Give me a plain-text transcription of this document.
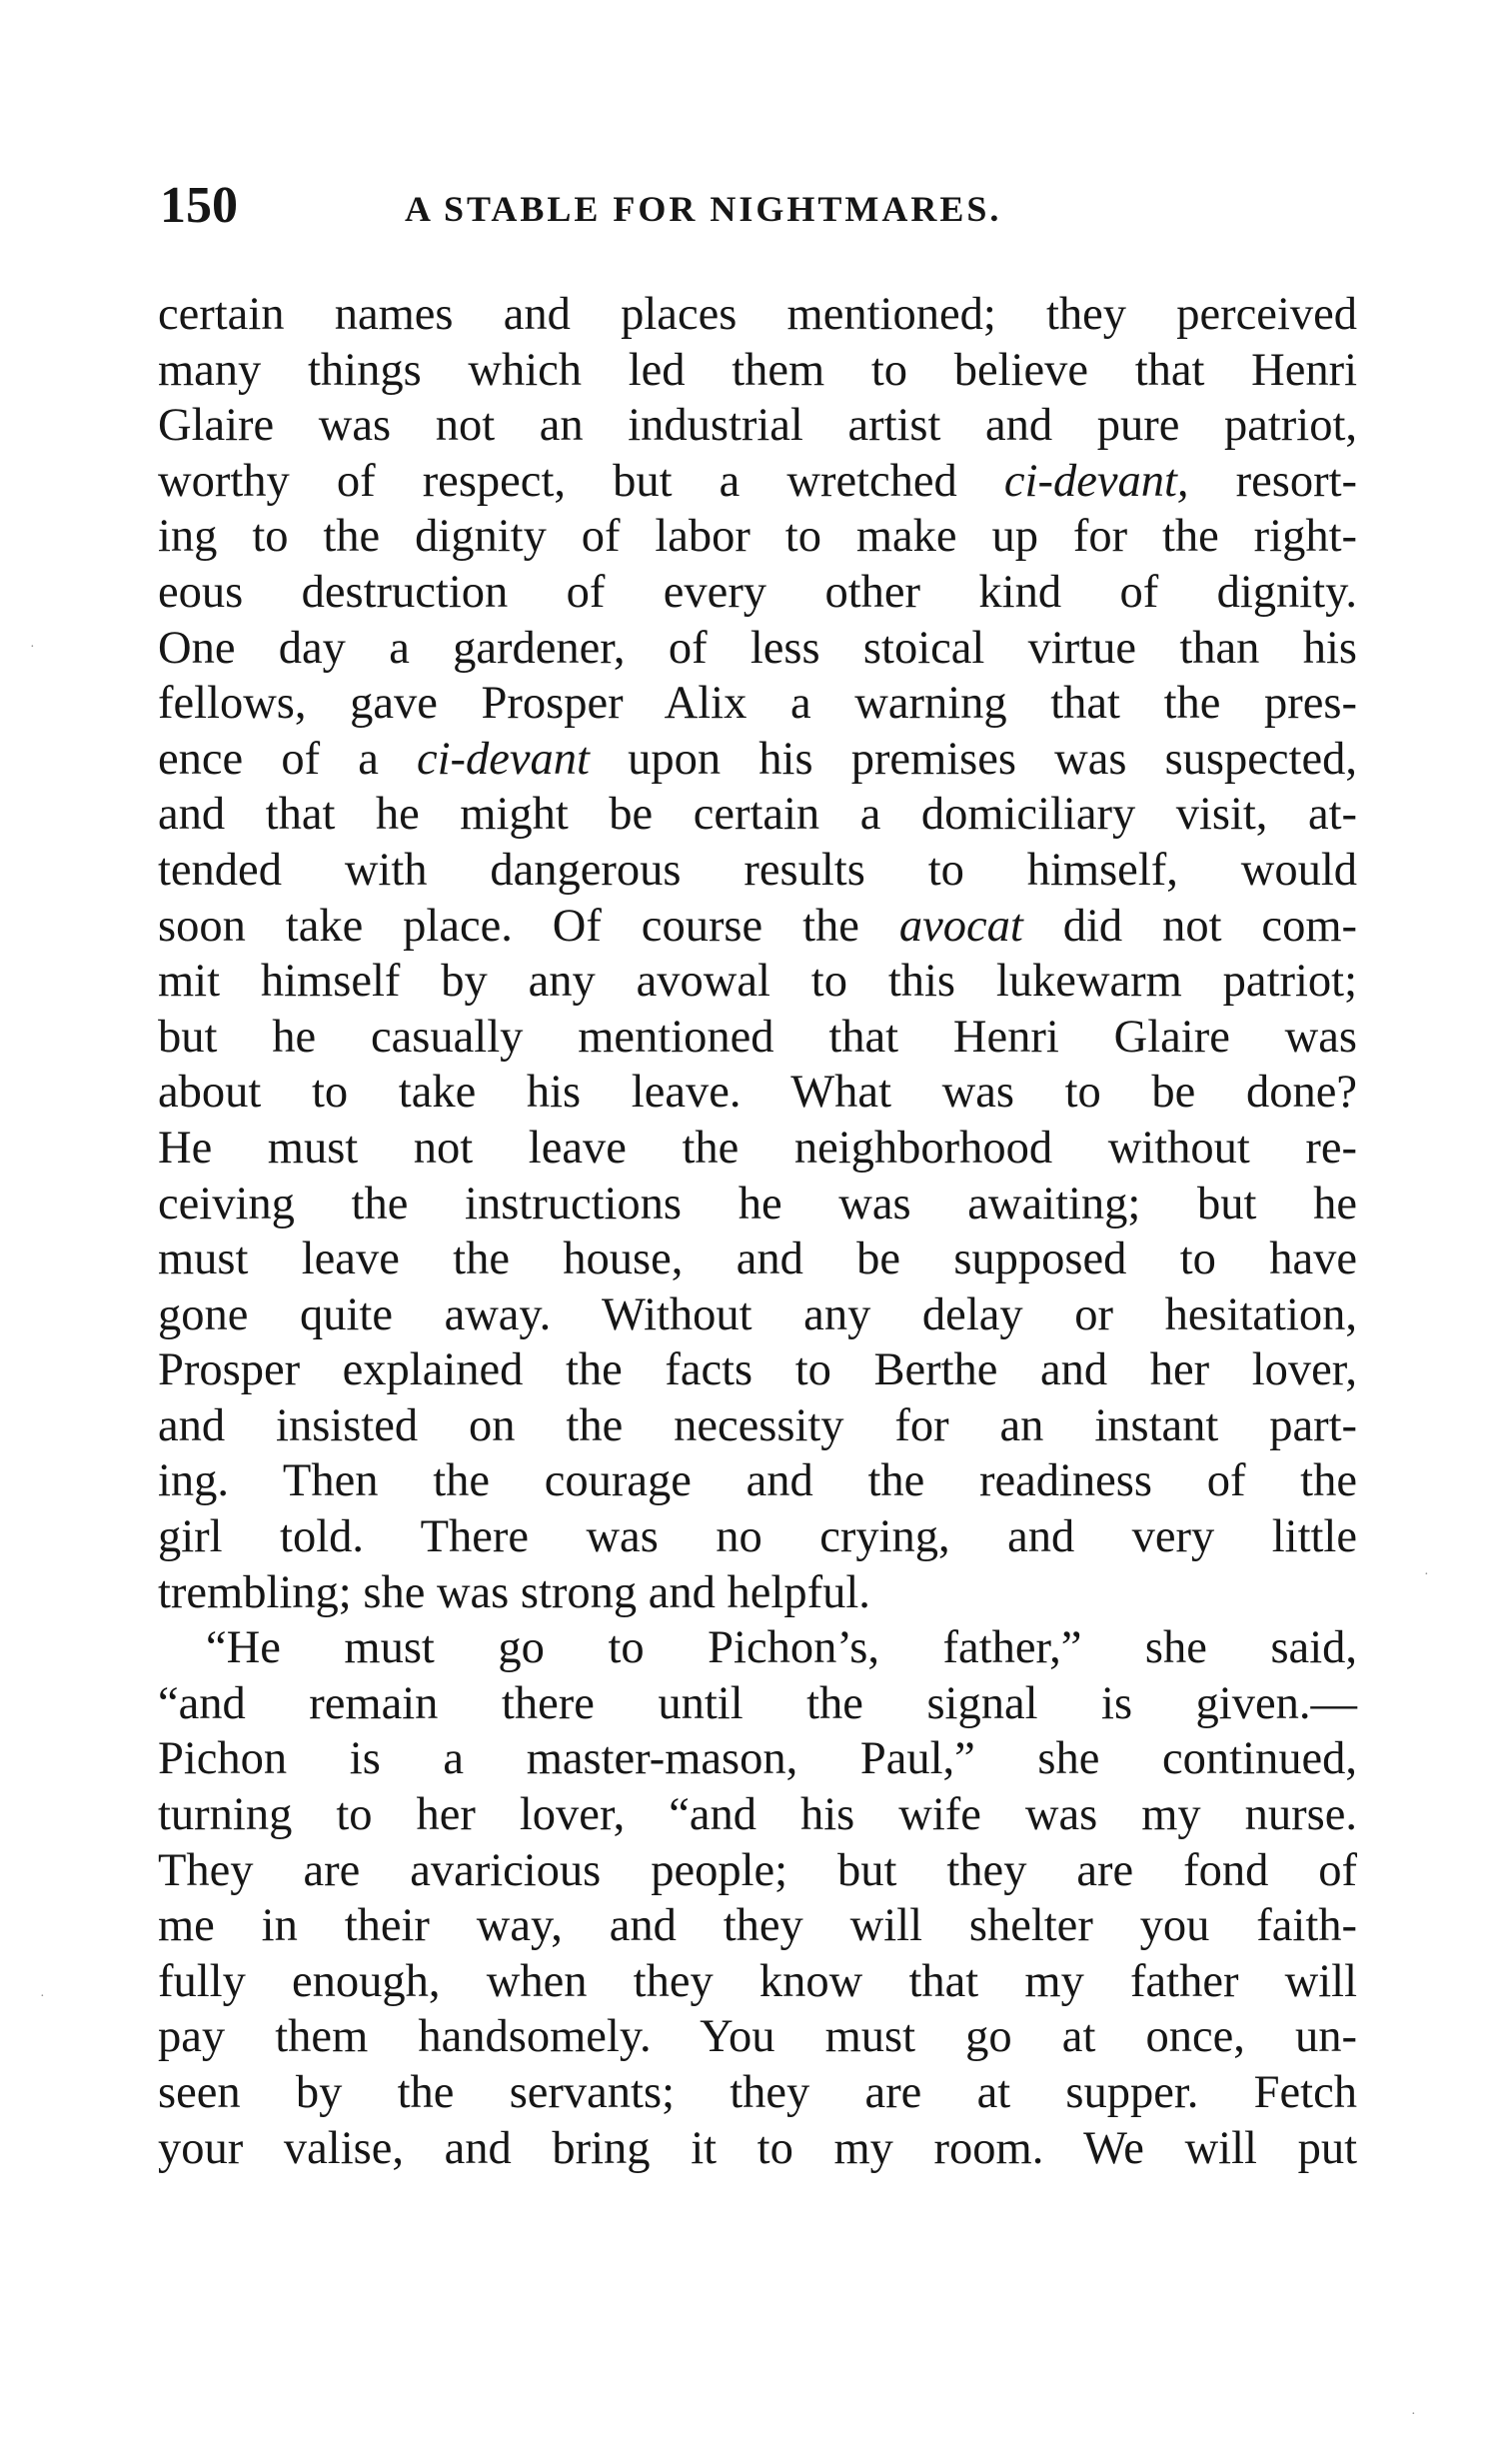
150	A STABLE FOR NIGHTMARES.
certain names and places mentioned; they perceived
many things which led them to believe that Henri
Glaire was not an industrial artist and pure patriot,
worthy of respect, but a wretched ci-devant, resort-
ing to the dignity of labor to make up for the right-
eous destruction of every other kind of dignity.
One day a gardener, of less stoical virtue than his
fellows, gave Prosper Alix a warning that the pres-
ence of a ci-devant upon his premises was suspected,
and that he might be certain a domiciliary visit, at-
tended with dangerous results to himself, would
soon take place. Of course the avocat did not com-
mit himself by any avowal to this lukewarm patriot;
but he casually mentioned that Henri Glaire was
about to take his leave. What was to be done?
He must not leave the neighborhood without re-
ceiving the instructions he was awaiting; but he
must leave the house, and be supposed to have
gone quite away. Without any delay or hesitation,
Prosper explained the facts to Berthe and her lover,
and insisted on the necessity for an instant part-
ing. Then the courage and the readiness of the
girl told. There was no crying, and very little
trembling; she was strong and helpful.
“He must go to Pichon’s, father,” she said,
“and remain there until the signal is given.—
Pichon is a master-mason, Paul,” she continued,
turning to her lover, “and his wife was my nurse.
They are avaricious people; but they are fond of
me in their way, and they will shelter you faith-
fully enough, when they know that my father will
pay them handsomely. You must go at once, un-
seen by the servants; they are at supper. Fetch
your valise, and bring it to my room. We will put
·
·
·
·
